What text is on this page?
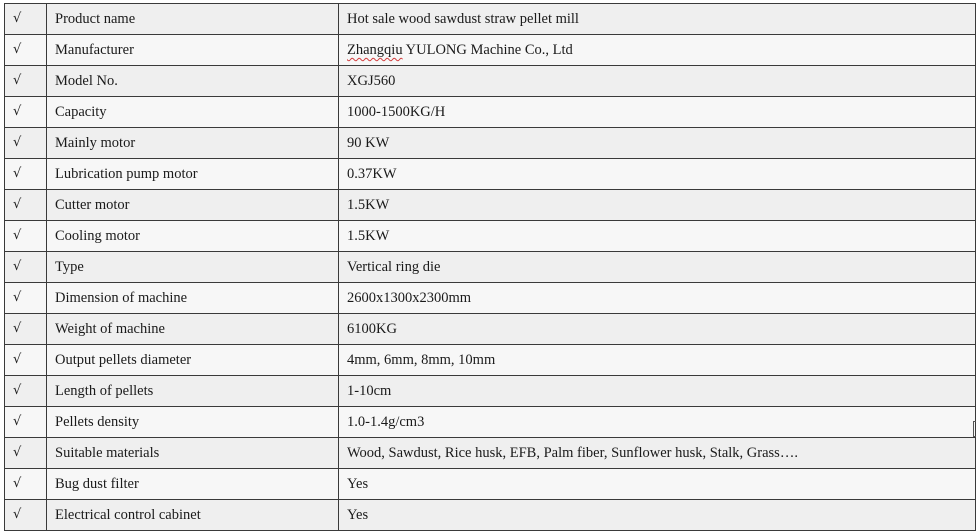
√	Product name	Hot sale wood sawdust straw pellet mill
√	Manufacturer	Zhangqiu YULONG Machine Co., Ltd
√	Model No.	XGJ560
√	Capacity	1000-1500KG/H
√	Mainly motor	90 KW
√	Lubrication pump motor	0.37KW
√	Cutter motor	1.5KW
√	Cooling motor	1.5KW
√	Type	Vertical ring die
√	Dimension of machine	2600x1300x2300mm
√	Weight of machine	6100KG
√	Output pellets diameter	4mm, 6mm, 8mm, 10mm
√	Length of pellets	1-10cm
√	Pellets density	1.0-1.4g/cm3
√	Suitable materials	Wood, Sawdust, Rice husk, EFB, Palm fiber, Sunflower husk, Stalk, Grass….
√	Bug dust filter	Yes
√	Electrical control cabinet	Yes
